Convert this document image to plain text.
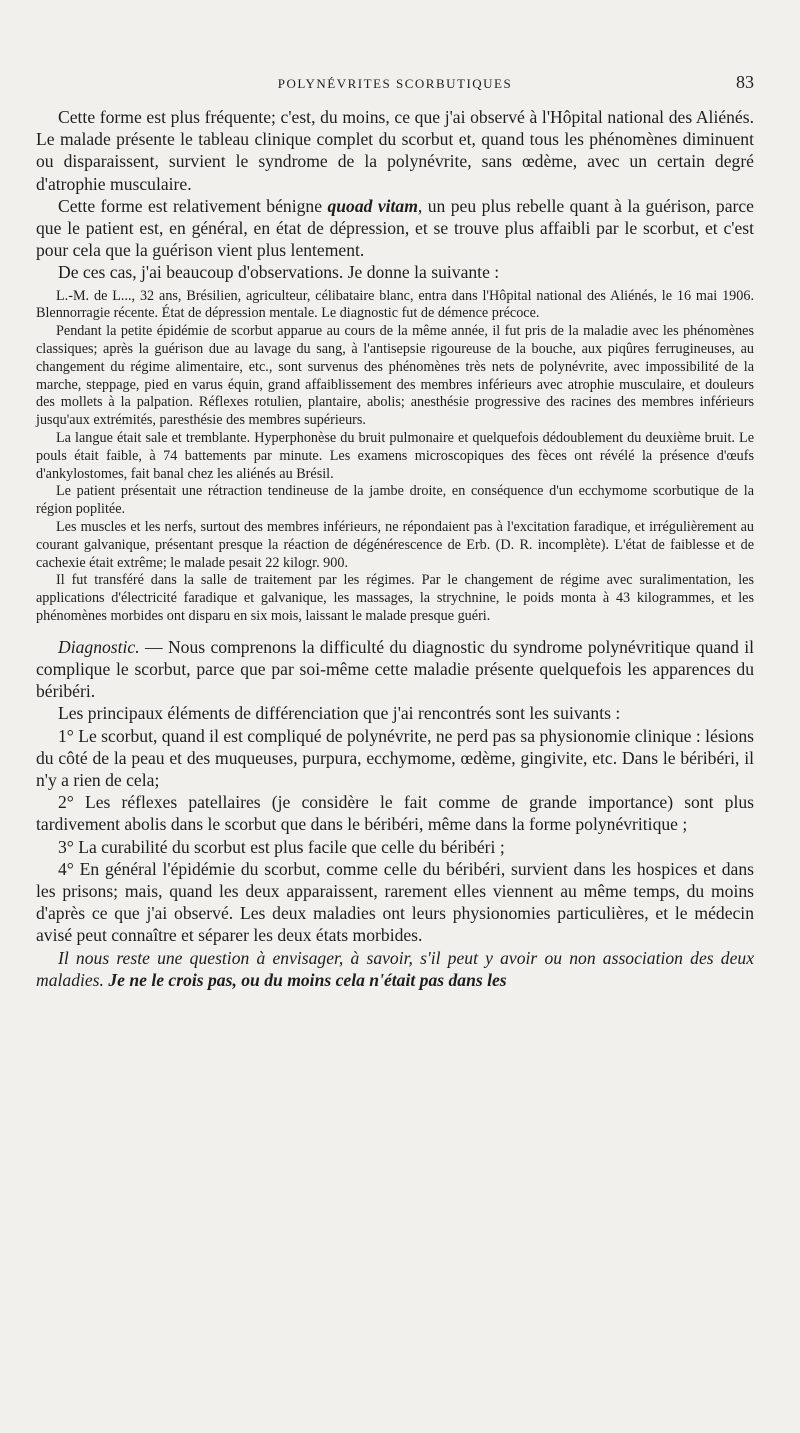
POLYNÉVRITES SCORBUTIQUES	83

Cette forme est plus fréquente; c'est, du moins, ce que j'ai observé à l'Hôpital national des Aliénés. Le malade présente le tableau clinique complet du scorbut et, quand tous les phénomènes diminuent ou disparaissent, survient le syndrome de la polynévrite, sans œdème, avec un certain degré d'atrophie musculaire.

Cette forme est relativement bénigne quoad vitam, un peu plus rebelle quant à la guérison, parce que le patient est, en général, en état de dépression, et se trouve plus affaibli par le scorbut, et c'est pour cela que la guérison vient plus lentement.

De ces cas, j'ai beaucoup d'observations. Je donne la suivante :

L.-M. de L..., 32 ans, Brésilien, agriculteur, célibataire blanc, entra dans l'Hôpital national des Aliénés, le 16 mai 1906. Blennorragie récente. État de dépression mentale. Le diagnostic fut de démence précoce.

Pendant la petite épidémie de scorbut apparue au cours de la même année, il fut pris de la maladie avec les phénomènes classiques; après la guérison due au lavage du sang, à l'antisepsie rigoureuse de la bouche, aux piqûres ferrugineuses, au changement du régime alimentaire, etc., sont survenus des phénomènes très nets de polynévrite, avec impossibilité de la marche, steppage, pied en varus équin, grand affaiblissement des membres inférieurs avec atrophie musculaire, et douleurs des mollets à la palpation. Réflexes rotulien, plantaire, abolis; anesthésie progressive des racines des membres inférieurs jusqu'aux extrémités, paresthésie des membres supérieurs.

La langue était sale et tremblante. Hyperphonèse du bruit pulmonaire et quelquefois dédoublement du deuxième bruit. Le pouls était faible, à 74 battements par minute. Les examens microscopiques des fèces ont révélé la présence d'œufs d'ankylostomes, fait banal chez les aliénés au Brésil.

Le patient présentait une rétraction tendineuse de la jambe droite, en conséquence d'un ecchymome scorbutique de la région poplitée.

Les muscles et les nerfs, surtout des membres inférieurs, ne répondaient pas à l'excitation faradique, et irrégulièrement au courant galvanique, présentant presque la réaction de dégénérescence de Erb. (D. R. incomplète). L'état de faiblesse et de cachexie était extrême; le malade pesait 22 kilogr. 900.

Il fut transféré dans la salle de traitement par les régimes. Par le changement de régime avec suralimentation, les applications d'électricité faradique et galvanique, les massages, la strychnine, le poids monta à 43 kilogrammes, et les phénomènes morbides ont disparu en six mois, laissant le malade presque guéri.

Diagnostic. — Nous comprenons la difficulté du diagnostic du syndrome polynévritique quand il complique le scorbut, parce que par soi-même cette maladie présente quelquefois les apparences du béribéri.

Les principaux éléments de différenciation que j'ai rencontrés sont les suivants :

1° Le scorbut, quand il est compliqué de polynévrite, ne perd pas sa physionomie clinique : lésions du côté de la peau et des muqueuses, purpura, ecchymome, œdème, gingivite, etc. Dans le béribéri, il n'y a rien de cela;

2° Les réflexes patellaires (je considère le fait comme de grande importance) sont plus tardivement abolis dans le scorbut que dans le béribéri, même dans la forme polynévritique ;

3° La curabilité du scorbut est plus facile que celle du béribéri ;

4° En général l'épidémie du scorbut, comme celle du béribéri, survient dans les hospices et dans les prisons; mais, quand les deux apparaissent, rarement elles viennent au même temps, du moins d'après ce que j'ai observé. Les deux maladies ont leurs physionomies particulières, et le médecin avisé peut connaître et séparer les deux états morbides.

Il nous reste une question à envisager, à savoir, s'il peut y avoir ou non association des deux maladies. Je ne le crois pas, ou du moins cela n'était pas dans les
